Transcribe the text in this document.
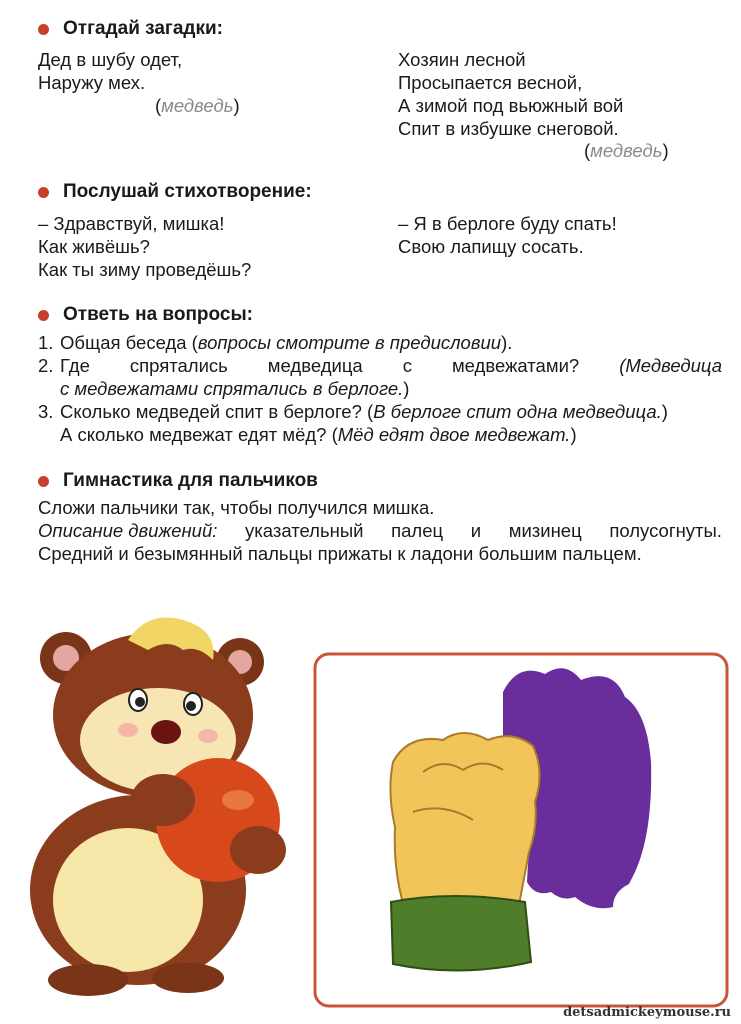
Отгадай загадки:
Дед в шубу одет,
Наружу мех.
(медведь)
Хозяин лесной
Просыпается весной,
А зимой под вьюжный вой
Спит в избушке снеговой.
(медведь)
Послушай стихотворение:
– Здравствуй, мишка!
Как живёшь?
Как ты зиму проведёшь?
– Я в берлоге буду спать!
Свою лапищу сосать.
Ответь на вопросы:
1. Общая беседа (вопросы смотрите в предисловии).
2. Где спрятались медведица с медвежатами? (Медведица
с медвежатами спрятались в берлоге.)
3. Сколько медведей спит в берлоге? (В берлоге спит одна медведица.)
А сколько медвежат едят мёд? (Мёд едят двое медвежат.)
Гимнастика для пальчиков
Сложи пальчики так, чтобы получился мишка.
Описание движений: указательный палец и мизинец полусогнуты.
Средний и безымянный пальцы прижаты к ладони большим пальцем.
detsadmickeymouse.ru
